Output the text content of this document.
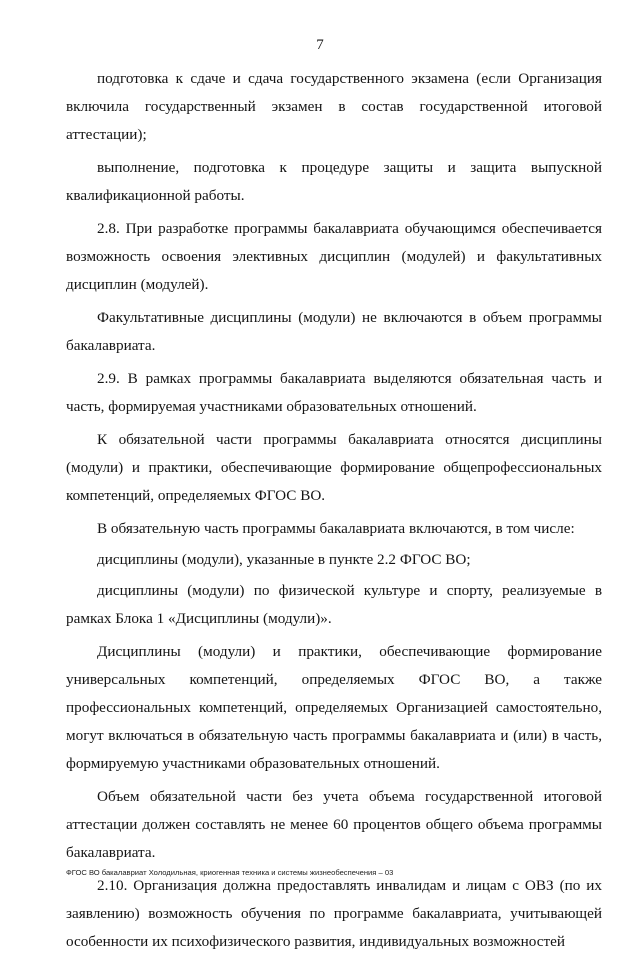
7

подготовка к сдаче и сдача государственного экзамена (если Организация включила государственный экзамен в состав государственной итоговой аттестации);

выполнение, подготовка к процедуре защиты и защита выпускной квалификационной работы.

2.8. При разработке программы бакалавриата обучающимся обеспечивается возможность освоения элективных дисциплин (модулей) и факультативных дисциплин (модулей).

Факультативные дисциплины (модули) не включаются в объем программы бакалавриата.

2.9. В рамках программы бакалавриата выделяются обязательная часть и часть, формируемая участниками образовательных отношений.

К обязательной части программы бакалавриата относятся дисциплины (модули) и практики, обеспечивающие формирование общепрофессиональных компетенций, определяемых ФГОС ВО.

В обязательную часть программы бакалавриата включаются, в том числе:

дисциплины (модули), указанные в пункте 2.2 ФГОС ВО;

дисциплины (модули) по физической культуре и спорту, реализуемые в рамках Блока 1 «Дисциплины (модули)».

Дисциплины (модули) и практики, обеспечивающие формирование универсальных компетенций, определяемых ФГОС ВО, а также профессиональных компетенций, определяемых Организацией самостоятельно, могут включаться в обязательную часть программы бакалавриата и (или) в часть, формируемую участниками образовательных отношений.

Объем обязательной части без учета объема государственной итоговой аттестации должен составлять не менее 60 процентов общего объема программы бакалавриата.

2.10. Организация должна предоставлять инвалидам и лицам с ОВЗ (по их заявлению) возможность обучения по программе бакалавриата, учитывающей особенности их психофизического развития, индивидуальных возможностей

ФГОС ВО бакалавриат Холодильная, криогенная техника и системы жизнеобеспечения – 03
